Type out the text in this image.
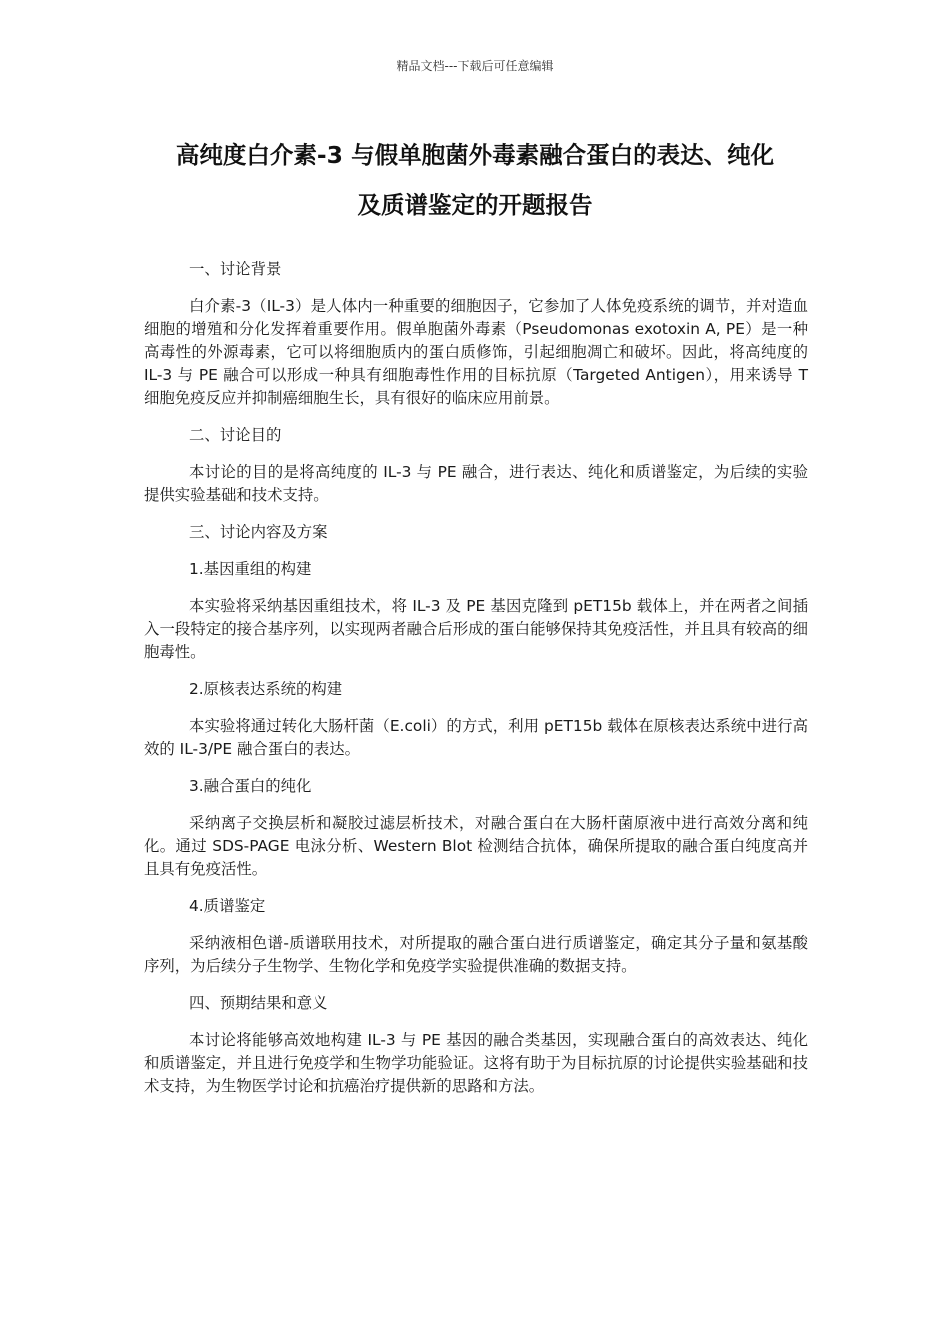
精品文档---下载后可任意编辑
高纯度白介素-3 与假单胞菌外毒素融合蛋白的表达、纯化
及质谱鉴定的开题报告

一、讨论背景

白介素-3（IL-3）是人体内一种重要的细胞因子，它参加了人体免疫系统的调节，并对造血细胞的增殖和分化发挥着重要作用。假单胞菌外毒素（Pseudomonas exotoxin A, PE）是一种高毒性的外源毒素，它可以将细胞质内的蛋白质修饰，引起细胞凋亡和破坏。因此，将高纯度的 IL-3 与 PE 融合可以形成一种具有细胞毒性作用的目标抗原（Targeted Antigen），用来诱导 T 细胞免疫反应并抑制癌细胞生长，具有很好的临床应用前景。

二、讨论目的

本讨论的目的是将高纯度的 IL-3 与 PE 融合，进行表达、纯化和质谱鉴定，为后续的实验提供实验基础和技术支持。

三、讨论内容及方案

1.基因重组的构建

本实验将采纳基因重组技术，将 IL-3 及 PE 基因克隆到 pET15b 载体上，并在两者之间插入一段特定的接合基序列，以实现两者融合后形成的蛋白能够保持其免疫活性，并且具有较高的细胞毒性。

2.原核表达系统的构建

本实验将通过转化大肠杆菌（E.coli）的方式，利用 pET15b 载体在原核表达系统中进行高效的 IL-3/PE 融合蛋白的表达。

3.融合蛋白的纯化

采纳离子交换层析和凝胶过滤层析技术，对融合蛋白在大肠杆菌原液中进行高效分离和纯化。通过 SDS-PAGE 电泳分析、Western Blot 检测结合抗体，确保所提取的融合蛋白纯度高并且具有免疫活性。

4.质谱鉴定

采纳液相色谱-质谱联用技术，对所提取的融合蛋白进行质谱鉴定，确定其分子量和氨基酸序列，为后续分子生物学、生物化学和免疫学实验提供准确的数据支持。

四、预期结果和意义

本讨论将能够高效地构建 IL-3 与 PE 基因的融合类基因，实现融合蛋白的高效表达、纯化和质谱鉴定，并且进行免疫学和生物学功能验证。这将有助于为目标抗原的讨论提供实验基础和技术支持，为生物医学讨论和抗癌治疗提供新的思路和方法。
